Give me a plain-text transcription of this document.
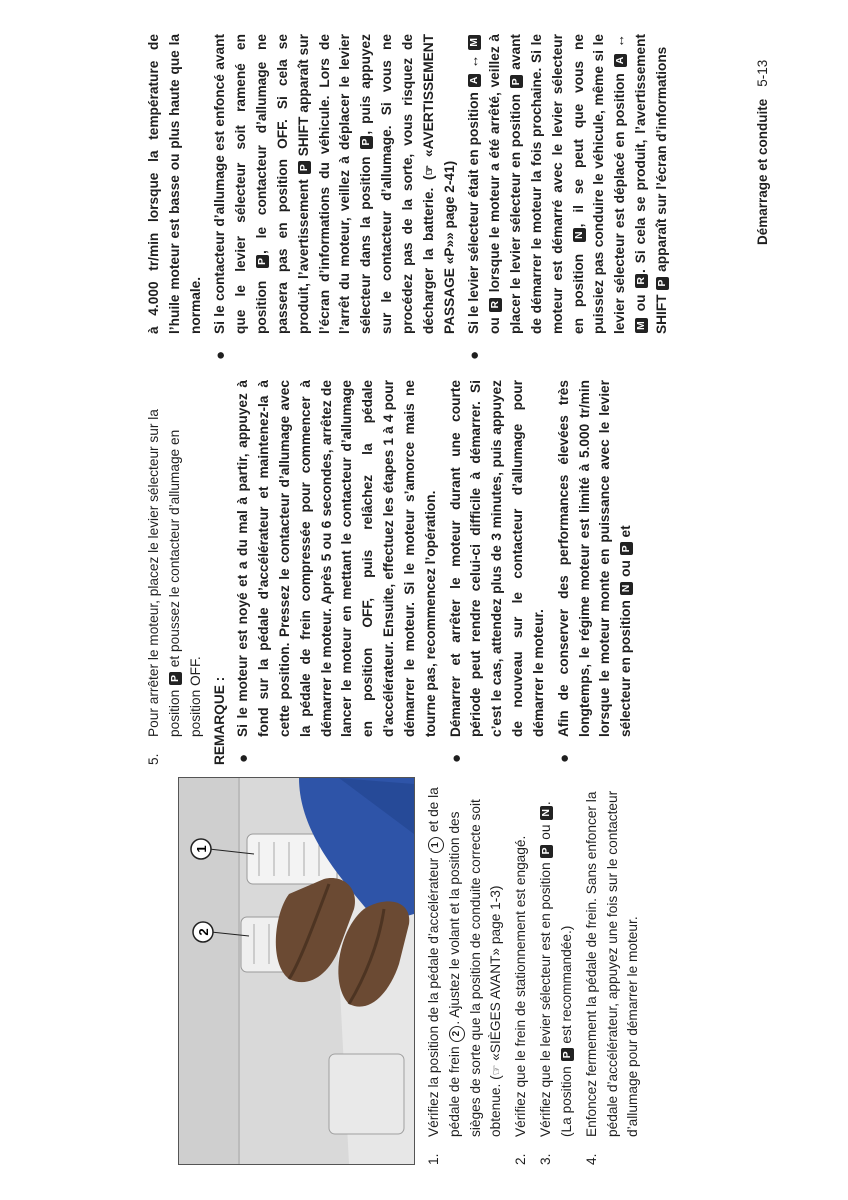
1
2
1.
Vérifiez la position de la pédale d’accélérateur 1 et de la pédale de frein 2. Ajustez le volant et la position des sièges de sorte que la position de conduite correcte soit obtenue. (☞ «SIÈGES AVANT» page 1-3)
2.
Vérifiez que le frein de stationnement est engagé.
3.
Vérifiez que le levier sélecteur est en position P ou N. (La position P est recommandée.)
4.
Enfoncez fermement la pédale de frein. Sans enfoncer la pédale d’accélérateur, appuyez une fois sur le contacteur d’allumage pour démarrer le moteur.
5.
Pour arrêter le moteur, placez le levier sélecteur sur la position P et poussez le contacteur d’allumage en position OFF. REMARQUE : ●
Si le moteur est noyé et a du mal à partir, appuyez à fond sur la pédale d’accélérateur et maintenez-la à cette position. Pressez le contacteur d’allumage avec la pédale de frein compressée pour commencer à démarrer le moteur. Après 5 ou 6 secondes, arrêtez de lancer le moteur en mettant le contacteur d’allumage en position OFF, puis relâchez la pédale d’accélérateur. Ensuite, effectuez les étapes 1 à 4 pour démarrer le moteur. Si le moteur s’amorce mais ne tourne pas, recommencez l’opération.
●
Démarrer et arrêter le moteur durant une courte période peut rendre celui-ci difficile à démarrer. Si c’est le cas, attendez plus de 3 minutes, puis appuyez de nouveau sur le contacteur d’allumage pour démarrer le moteur.
●
Afin de conserver des performances élevées très longtemps, le régime moteur est limité à 5.000 tr/min lorsque le moteur monte en puissance avec le levier sélecteur en position N ou P et
à 4.000 tr/min lorsque la température de l’huile moteur est basse ou plus haute que la normale.
●
Si le contacteur d’allumage est enfoncé avant que le levier sélecteur soit ramené en position P, le contacteur d’allumage ne passera pas en position OFF. Si cela se produit, l’avertissement P SHIFT apparaît sur l’écran d’informations du véhicule. Lors de l’arrêt du moteur, veillez à déplacer le levier sélecteur dans la position P, puis appuyez sur le contacteur d’allumage. Si vous ne procédez pas de la sorte, vous risquez de décharger la batterie. (☞ «AVERTISSEMENT PASSAGE «P»» page 2-41)
●
Si le levier sélecteur était en position A ↔ M ou R lorsque le moteur a été arrêté, veillez à placer le levier sélecteur en position P avant de démarrer le moteur la fois prochaine. Si le moteur est démarré avec le levier sélecteur en position N, il se peut que vous ne puissiez pas conduire le véhicule, même si le levier sélecteur est déplacé en position A ↔ M ou R. Si cela se produit, l’avertissement SHIFT P apparaît sur l’écran d’informations	Démarrage et conduite5-13
